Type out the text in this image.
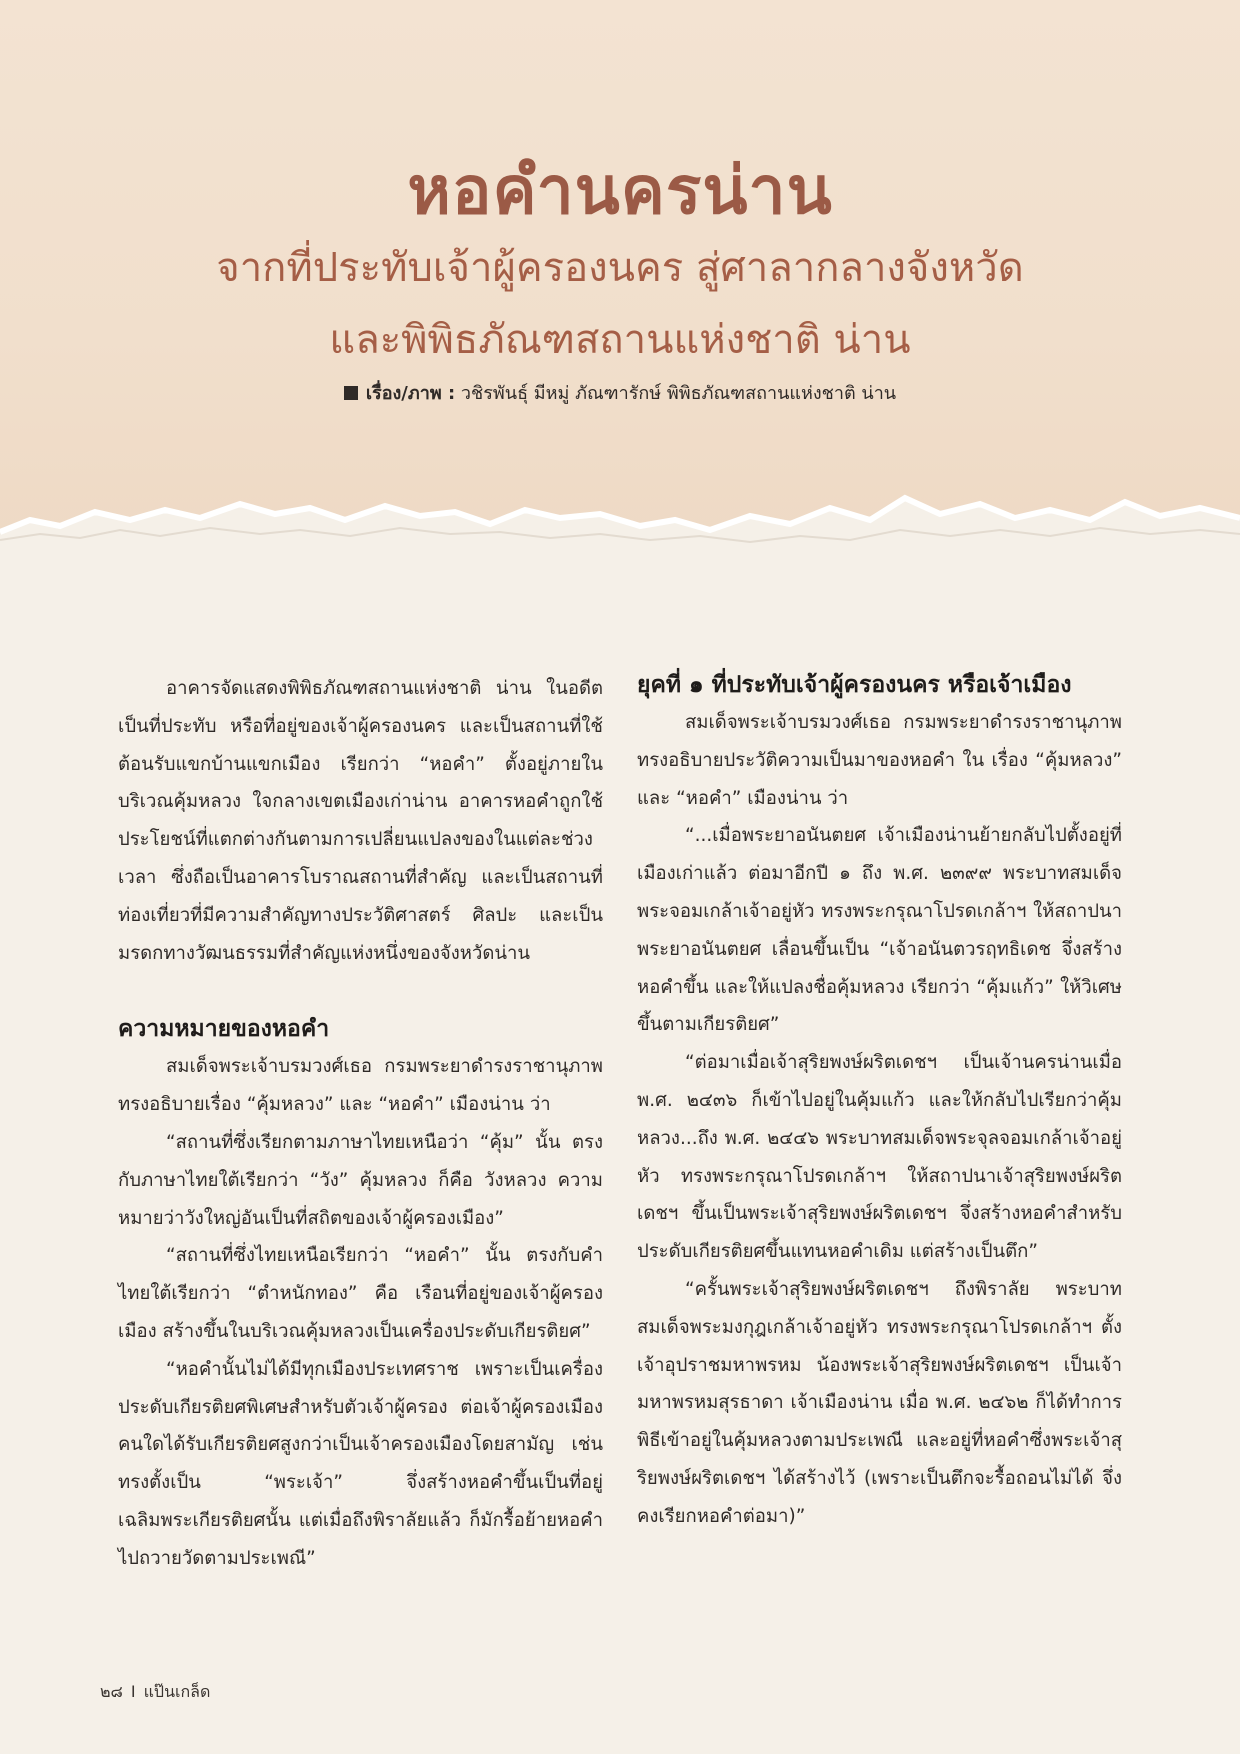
หอคำนครน่าน
จากที่ประทับเจ้าผู้ครองนคร สู่ศาลากลางจังหวัด
และพิพิธภัณฑสถานแห่งชาติ น่าน
เรื่อง/ภาพ : วชิรพันธุ์ มีหมู่ ภัณฑารักษ์ พิพิธภัณฑสถานแห่งชาติ น่าน

อาคารจัดแสดงพิพิธภัณฑสถานแห่งชาติ น่าน ในอดีตเป็นที่ประทับ หรือที่อยู่ของเจ้าผู้ครองนคร และเป็นสถานที่ใช้ต้อนรับแขกบ้านแขกเมือง เรียกว่า “หอคำ” ตั้งอยู่ภายในบริเวณคุ้มหลวง ใจกลางเขตเมืองเก่าน่าน อาคารหอคำถูกใช้ประโยชน์ที่แตกต่างกันตามการเปลี่ยนแปลงของในแต่ละช่วงเวลา ซึ่งถือเป็นอาคารโบราณสถานที่สำคัญ และเป็นสถานที่ท่องเที่ยวที่มีความสำคัญทางประวัติศาสตร์ ศิลปะ และเป็นมรดกทางวัฒนธรรมที่สำคัญแห่งหนึ่งของจังหวัดน่าน

ความหมายของหอคำ

สมเด็จพระเจ้าบรมวงศ์เธอ กรมพระยาดำรงราชานุภาพทรงอธิบายเรื่อง “คุ้มหลวง” และ “หอคำ” เมืองน่าน ว่า

“สถานที่ซึ่งเรียกตามภาษาไทยเหนือว่า “คุ้ม” นั้น ตรงกับภาษาไทยใต้เรียกว่า “วัง” คุ้มหลวง ก็คือ วังหลวง ความหมายว่าวังใหญ่อันเป็นที่สถิตของเจ้าผู้ครองเมือง”

“สถานที่ซึ่งไทยเหนือเรียกว่า “หอคำ” นั้น ตรงกับคำไทยใต้เรียกว่า “ตำหนักทอง” คือ เรือนที่อยู่ของเจ้าผู้ครองเมือง สร้างขึ้นในบริเวณคุ้มหลวงเป็นเครื่องประดับเกียรติยศ”

“หอคำนั้นไม่ได้มีทุกเมืองประเทศราช เพราะเป็นเครื่องประดับเกียรติยศพิเศษสำหรับตัวเจ้าผู้ครอง ต่อเจ้าผู้ครองเมืองคนใดได้รับเกียรติยศสูงกว่าเป็นเจ้าครองเมืองโดยสามัญ เช่น ทรงตั้งเป็น “พระเจ้า” จึ่งสร้างหอคำขึ้นเป็นที่อยู่เฉลิมพระเกียรติยศนั้น แต่เมื่อถึงพิราลัยแล้ว ก็มักรื้อย้ายหอคำไปถวายวัดตามประเพณี”

ยุคที่ ๑ ที่ประทับเจ้าผู้ครองนคร หรือเจ้าเมือง

สมเด็จพระเจ้าบรมวงศ์เธอ กรมพระยาดำรงราชานุภาพทรงอธิบายประวัติความเป็นมาของหอคำ ใน เรื่อง “คุ้มหลวง” และ “หอคำ” เมืองน่าน ว่า

“...เมื่อพระยาอนันตยศ เจ้าเมืองน่านย้ายกลับไปตั้งอยู่ที่เมืองเก่าแล้ว ต่อมาอีกปี ๑ ถึง พ.ศ. ๒๓๙๙ พระบาทสมเด็จพระจอมเกล้าเจ้าอยู่หัว ทรงพระกรุณาโปรดเกล้าฯ ให้สถาปนาพระยาอนันตยศ เลื่อนขึ้นเป็น “เจ้าอนันตวรฤทธิเดช จึ่งสร้างหอคำขึ้น และให้แปลงชื่อคุ้มหลวง เรียกว่า “คุ้มแก้ว” ให้วิเศษขึ้นตามเกียรติยศ”

“ต่อมาเมื่อเจ้าสุริยพงษ์ผริตเดชฯ เป็นเจ้านครน่านเมื่อ พ.ศ. ๒๔๓๖ ก็เข้าไปอยู่ในคุ้มแก้ว และให้กลับไปเรียกว่าคุ้มหลวง...ถึง พ.ศ. ๒๔๔๖ พระบาทสมเด็จพระจุลจอมเกล้าเจ้าอยู่หัว ทรงพระกรุณาโปรดเกล้าฯ ให้สถาปนาเจ้าสุริยพงษ์ผริตเดชฯ ขึ้นเป็นพระเจ้าสุริยพงษ์ผริตเดชฯ จึ่งสร้างหอคำสำหรับประดับเกียรติยศขึ้นแทนหอคำเดิม แต่สร้างเป็นตึก”

“ครั้นพระเจ้าสุริยพงษ์ผริตเดชฯ ถึงพิราลัย พระบาทสมเด็จพระมงกุฎเกล้าเจ้าอยู่หัว ทรงพระกรุณาโปรดเกล้าฯ ตั้งเจ้าอุปราชมหาพรหม น้องพระเจ้าสุริยพงษ์ผริตเดชฯ เป็นเจ้ามหาพรหมสุรธาดา เจ้าเมืองน่าน เมื่อ พ.ศ. ๒๔๖๒ ก็ได้ทำการพิธีเข้าอยู่ในคุ้มหลวงตามประเพณี และอยู่ที่หอคำซึ่งพระเจ้าสุริยพงษ์ผริตเดชฯ ได้สร้างไว้ (เพราะเป็นตึกจะรื้อถอนไม่ได้ จึ่งคงเรียกหอคำต่อมา)”

๒๘ I แป๊นเกล็ด
